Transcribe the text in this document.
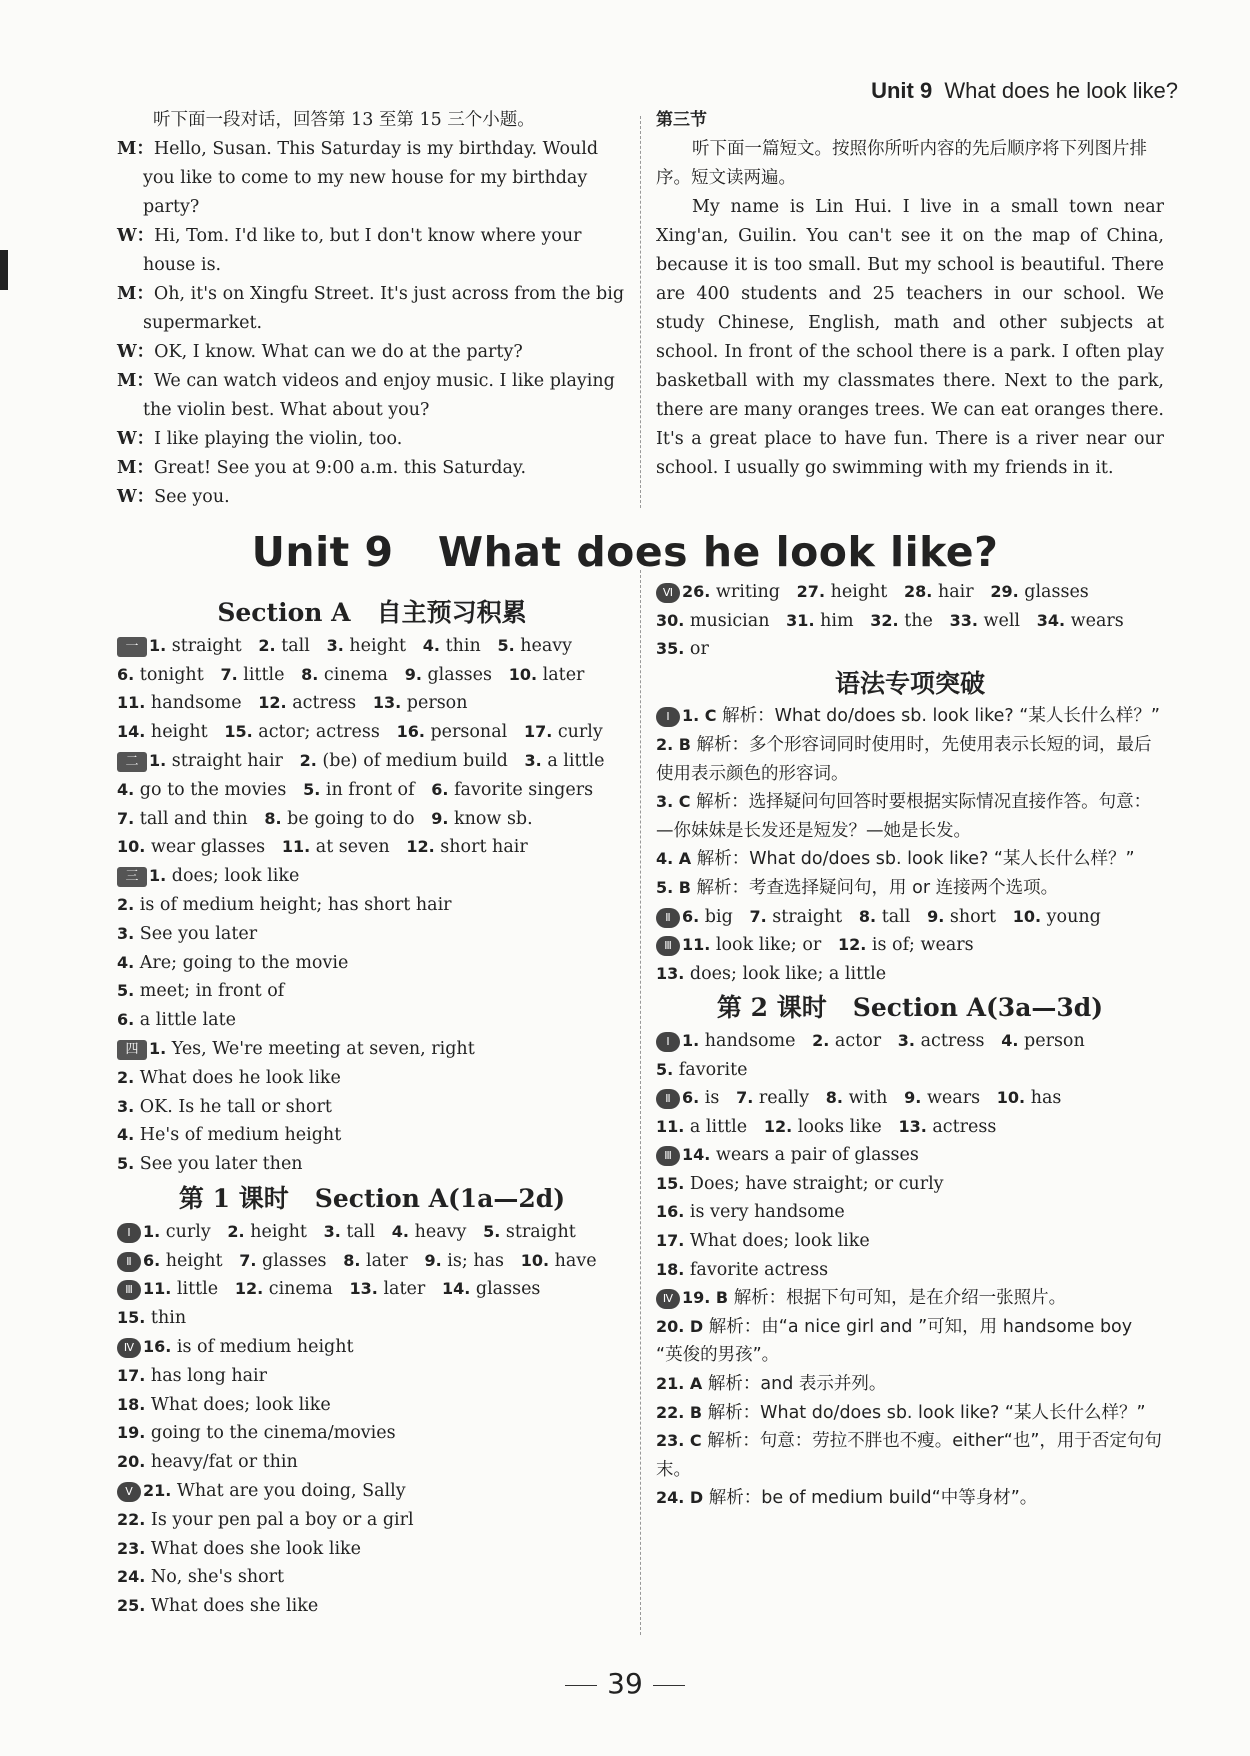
Unit 9 What does he look like?

听下面一段对话，回答第 13 至第 15 三个小题。

M：Hello, Susan. This Saturday is my birthday. Would you like to come to my new house for my birthday party?

W：Hi, Tom. I'd like to, but I don't know where your house is.

M：Oh, it's on Xingfu Street. It's just across from the big supermarket.

W：OK, I know. What can we do at the party?

M：We can watch videos and enjoy music. I like playing the violin best. What about you?

W：I like playing the violin, too.

M：Great! See you at 9:00 a.m. this Saturday.

W：See you.

第三节

听下面一篇短文。按照你所听内容的先后顺序将下列图片排序。短文读两遍。

My name is Lin Hui. I live in a small town near Xing'an, Guilin. You can't see it on the map of China, because it is too small. But my school is beautiful. There are 400 students and 25 teachers in our school. We study Chinese, English, math and other subjects at school. In front of the school there is a park. I often play basketball with my classmates there. Next to the park, there are many oranges trees. We can eat oranges there. It's a great place to have fun. There is a river near our school. I usually go swimming with my friends in it.

Unit 9   What does he look like?
Section A   自主预习积累
一 1. straight 2. tall 3. height 4. thin 5. heavy
6. tonight 7. little 8. cinema 9. glasses 10. later
11. handsome 12. actress 13. person
14. height 15. actor; actress 16. personal 17. curly
二 1. straight hair 2. (be) of medium build 3. a little
4. go to the movies 5. in front of 6. favorite singers
7. tall and thin 8. be going to do 9. know sb.
10. wear glasses 11. at seven 12. short hair
三 1. does; look like
2. is of medium height; has short hair
3. See you later
4. Are; going to the movie
5. meet; in front of
6. a little late
四 1. Yes, We're meeting at seven, right
2. What does he look like
3. OK. Is he tall or short
4. He's of medium height
5. See you later then
第 1 课时   Section A(1a—2d)
Ⅰ 1. curly 2. height 3. tall 4. heavy 5. straight
Ⅱ 6. height 7. glasses 8. later 9. is; has 10. have
Ⅲ 11. little 12. cinema 13. later 14. glasses
15. thin
Ⅳ 16. is of medium height
17. has long hair
18. What does; look like
19. going to the cinema/movies
20. heavy/fat or thin
Ⅴ 21. What are you doing, Sally
22. Is your pen pal a boy or a girl
23. What does she look like
24. No, she's short
25. What does she like
Ⅵ 26. writing 27. height 28. hair 29. glasses
30. musician 31. him 32. the 33. well 34. wears
35. or
语法专项突破
Ⅰ 1. C 解析：What do/does sb. look like? “某人长什么样？”
2. B 解析：多个形容词同时使用时，先使用表示长短的词，最后使用表示颜色的形容词。
3. C 解析：选择疑问句回答时要根据实际情况直接作答。句意：—你妹妹是长发还是短发？—她是长发。
4. A 解析：What do/does sb. look like? “某人长什么样？”
5. B 解析：考查选择疑问句，用 or 连接两个选项。
Ⅱ 6. big 7. straight 8. tall 9. short 10. young
Ⅲ 11. look like; or 12. is of; wears
13. does; look like; a little
第 2 课时   Section A(3a—3d)
Ⅰ 1. handsome 2. actor 3. actress 4. person
5. favorite
Ⅱ 6. is 7. really 8. with 9. wears 10. has
11. a little 12. looks like 13. actress
Ⅲ 14. wears a pair of glasses
15. Does; have straight; or curly
16. is very handsome
17. What does; look like
18. favorite actress
Ⅳ 19. B 解析：根据下句可知，是在介绍一张照片。
20. D 解析：由“a nice girl and ”可知，用 handsome boy “英俊的男孩”。
21. A 解析：and 表示并列。
22. B 解析：What do/does sb. look like? “某人长什么样？”
23. C 解析：句意：劳拉不胖也不瘦。either“也”，用于否定句句末。
24. D 解析：be of medium build“中等身材”。
39
